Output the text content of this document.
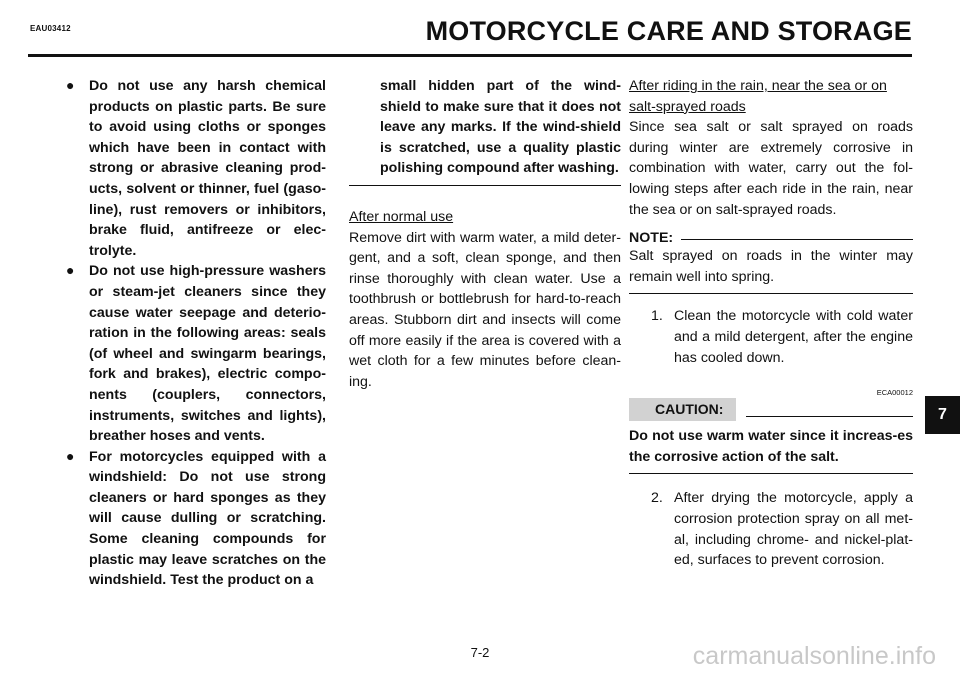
EAU03412	MOTORCYCLE CARE AND STORAGE
● Do not use any harsh chemical products on plastic parts. Be sure to avoid using cloths or sponges which have been in contact with strong or abrasive cleaning prod-ucts, solvent or thinner, fuel (gaso-line), rust removers or inhibitors, brake fluid, antifreeze or elec-trolyte.
● Do not use high-pressure washers or steam-jet cleaners since they cause water seepage and deterio-ration in the following areas: seals (of wheel and swingarm bearings, fork and brakes), electric compo-nents (couplers, connectors, instruments, switches and lights), breather hoses and vents.
● For motorcycles equipped with a windshield: Do not use strong cleaners or hard sponges as they will cause dulling or scratching. Some cleaning compounds for plastic may leave scratches on the windshield. Test the product on a
small hidden part of the wind-shield to make sure that it does not leave any marks. If the wind-shield is scratched, use a quality plastic polishing compound after washing.
After normal use
Remove dirt with warm water, a mild deter-gent, and a soft, clean sponge, and then rinse thoroughly with clean water. Use a toothbrush or bottlebrush for hard-to-reach areas. Stubborn dirt and insects will come off more easily if the area is covered with a wet cloth for a few minutes before clean-ing.
After riding in the rain, near the sea or on salt-sprayed roads
Since sea salt or salt sprayed on roads during winter are extremely corrosive in combination with water, carry out the fol-lowing steps after each ride in the rain, near the sea or on salt-sprayed roads.
NOTE:
Salt sprayed on roads in the winter may remain well into spring.
1. Clean the motorcycle with cold water and a mild detergent, after the engine has cooled down.
ECA00012
CAUTION:
Do not use warm water since it increas-es the corrosive action of the salt.
2. After drying the motorcycle, apply a corrosion protection spray on all met-al, including chrome- and nickel-plat-ed, surfaces to prevent corrosion.
7
7-2	carmanualsonline.info
